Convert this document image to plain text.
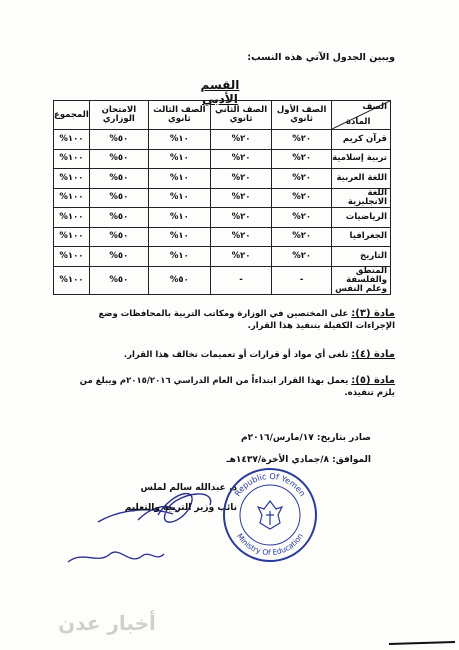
ويبين الجدول الآتي هذه النسب:
القسم الأدبي
الصف
المادة	الصف الأول ثانوي	الصف الثاني ثانوي	الصف الثالث ثانوي	الامتحان الوزاري	المجموع
قرآن كريم	٢٠%	٢٠%	١٠%	٥٠%	١٠٠%
تربية إسلامية	٢٠%	٢٠%	١٠%	٥٠%	١٠٠%
اللغة العربية	٢٠%	٢٠%	١٠%	٥٠%	١٠٠%
اللغة الانجليزية	٢٠%	٢٠%	١٠%	٥٠%	١٠٠%
الرياضيات	٢٠%	٢٠%	١٠%	٥٠%	١٠٠%
الجغرافيا	٢٠%	٢٠%	١٠%	٥٠%	١٠٠%
التاريخ	٢٠%	٢٠%	١٠%	٥٠%	١٠٠%
المنطق والفلسفة وعلم النفس	-	-	٥٠%	٥٠%	١٠٠%
مادة (٣): على المختصين في الوزارة ومكاتب التربية بالمحافظات وضع الإجراءات الكفيلة بتنفيذ هذا القرار.
مادة (٤): تلغى أي مواد أو قرارات أو تعميمات تخالف هذا القرار.
مادة (٥): يعمل بهذا القرار ابتداءاً من العام الدراسي ٢٠١٥/٢٠١٦م ويبلغ من يلزم تنفيذه.
صادر بتاريخ: ١٧/مارس/٢٠١٦م
الموافق: ٨/جمادي الأخرة/١٤٣٧هـ
د. عبدالله سالم لملس
نائب وزير التربية والتعليم
Republic Of Yemen
Ministry Of Education
أخبار عدن
